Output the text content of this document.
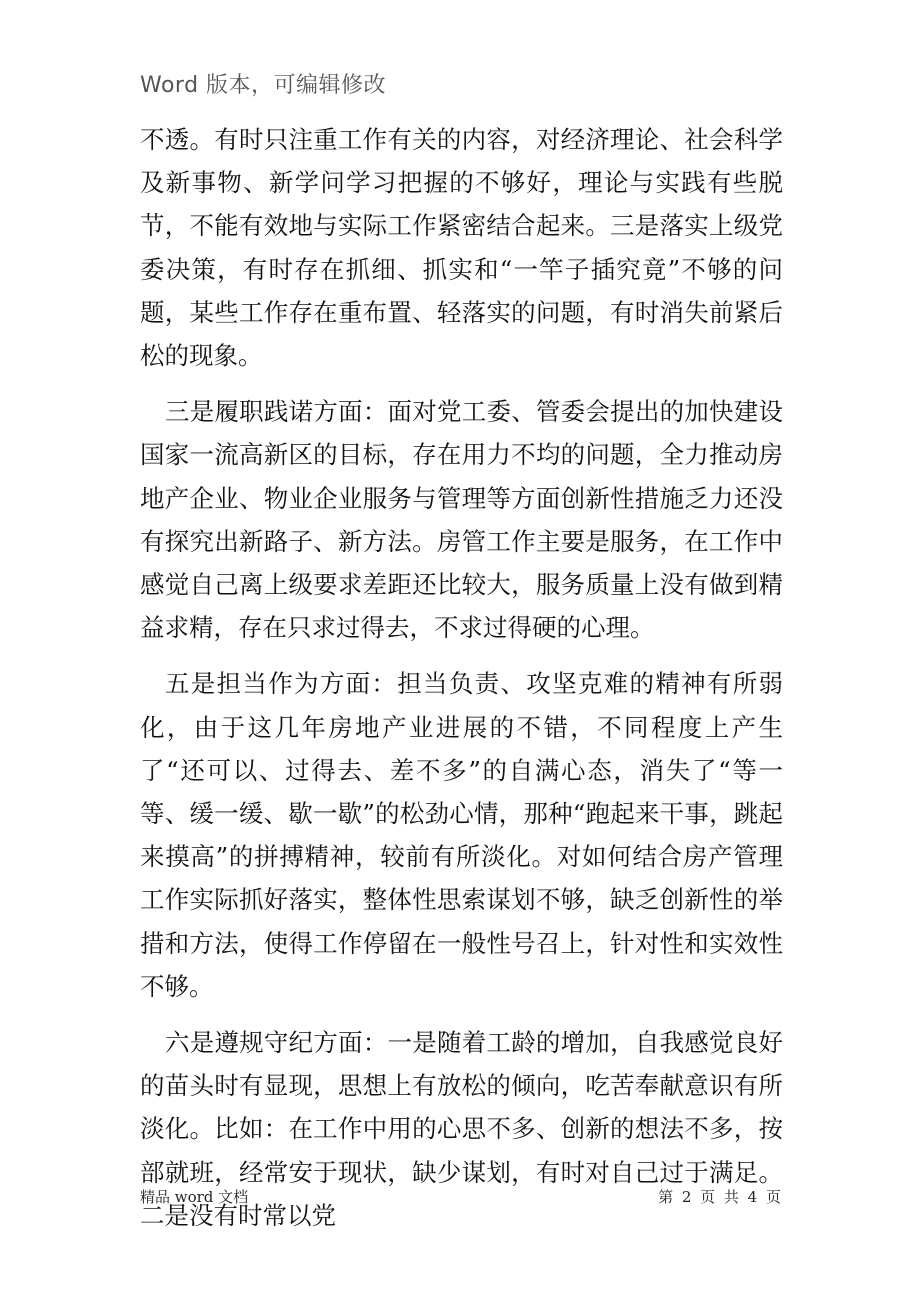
Word 版本，可编辑修改

不透。有时只注重工作有关的内容，对经济理论、社会科学及新事物、新学问学习把握的不够好，理论与实践有些脱节，不能有效地与实际工作紧密结合起来。三是落实上级党委决策，有时存在抓细、抓实和“一竿子插究竟”不够的问题，某些工作存在重布置、轻落实的问题，有时消失前紧后松的现象。

三是履职践诺方面：面对党工委、管委会提出的加快建设国家一流高新区的目标，存在用力不均的问题，全力推动房地产企业、物业企业服务与管理等方面创新性措施乏力还没有探究出新路子、新方法。房管工作主要是服务，在工作中感觉自己离上级要求差距还比较大，服务质量上没有做到精益求精，存在只求过得去，不求过得硬的心理。

五是担当作为方面：担当负责、攻坚克难的精神有所弱化，由于这几年房地产业进展的不错，不同程度上产生了“还可以、过得去、差不多”的自满心态，消失了“等一等、缓一缓、歇一歇”的松劲心情，那种“跑起来干事，跳起来摸高”的拼搏精神，较前有所淡化。对如何结合房产管理工作实际抓好落实，整体性思索谋划不够，缺乏创新性的举措和方法，使得工作停留在一般性号召上，针对性和实效性不够。

六是遵规守纪方面：一是随着工龄的增加，自我感觉良好的苗头时有显现，思想上有放松的倾向，吃苦奉献意识有所淡化。比如：在工作中用的心思不多、创新的想法不多，按部就班，经常安于现状，缺少谋划，有时对自己过于满足。二是没有时常以党

精品 word 文档	第 2 页 共 4 页
